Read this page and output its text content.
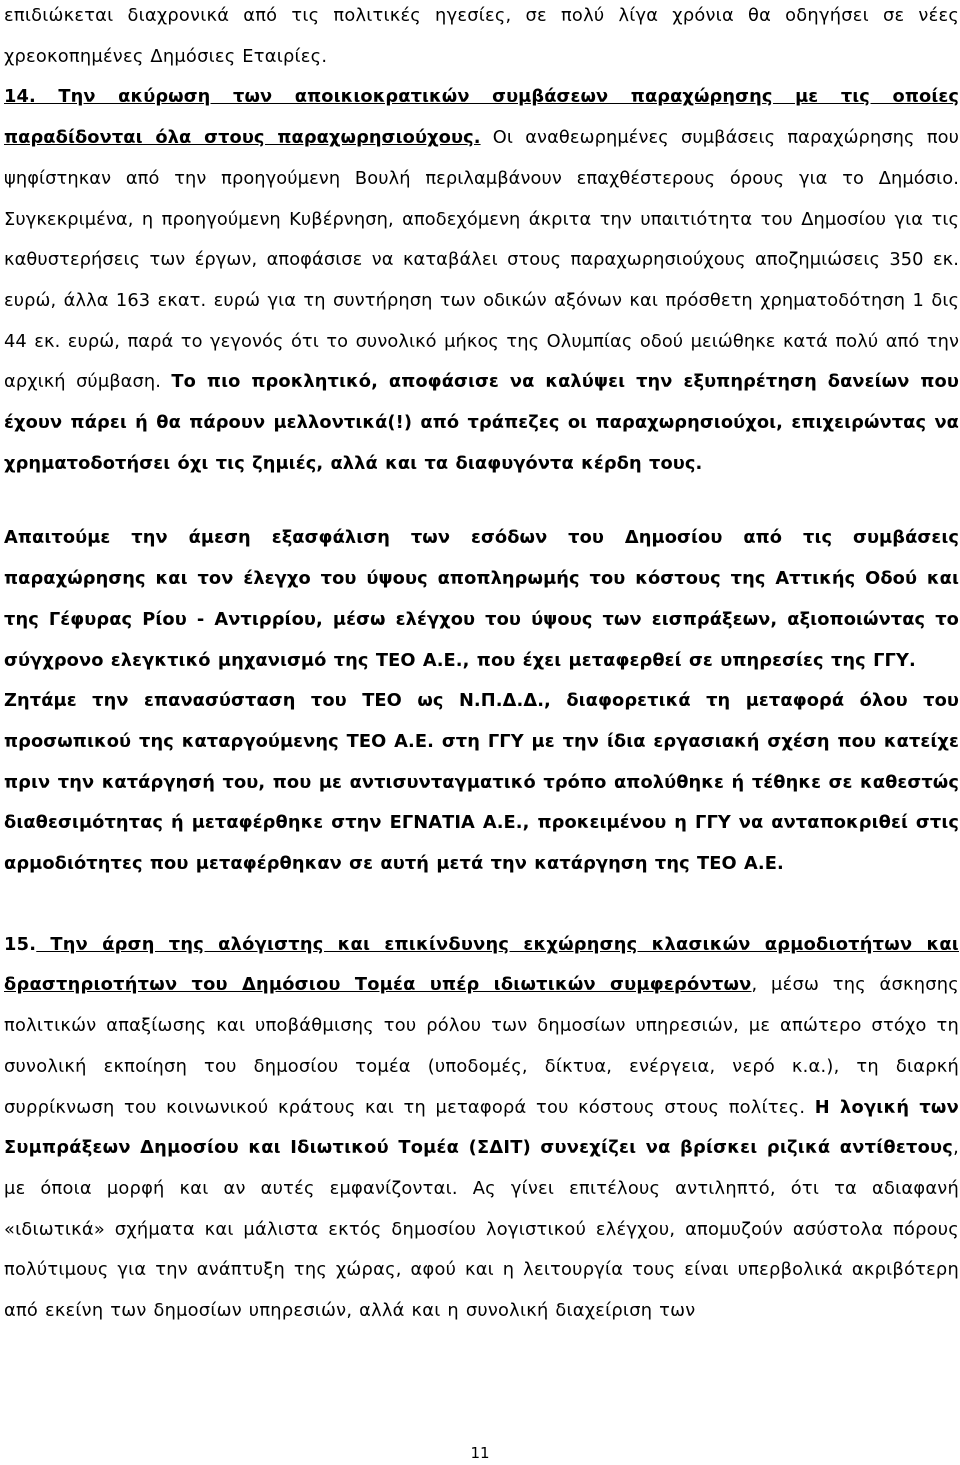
επιδιώκεται διαχρονικά από τις πολιτικές ηγεσίες, σε πολύ λίγα χρόνια θα οδηγήσει σε νέες χρεοκοπημένες Δημόσιες Εταιρίες.

14. Την ακύρωση των αποικιοκρατικών συμβάσεων παραχώρησης με τις οποίες παραδίδονται όλα στους παραχωρησιούχους. Οι αναθεωρημένες συμβάσεις παραχώρησης που ψηφίστηκαν από την προηγούμενη Βουλή περιλαμβάνουν επαχθέστερους όρους για το Δημόσιο. Συγκεκριμένα, η προηγούμενη Κυβέρνηση, αποδεχόμενη άκριτα την υπαιτιότητα του Δημοσίου για τις καθυστερήσεις των έργων, αποφάσισε να καταβάλει στους παραχωρησιούχους αποζημιώσεις 350 εκ. ευρώ, άλλα 163 εκατ. ευρώ για τη συντήρηση των οδικών αξόνων και πρόσθετη χρηματοδότηση 1 δις 44 εκ. ευρώ, παρά το γεγονός ότι το συνολικό μήκος της Ολυμπίας οδού μειώθηκε κατά πολύ από την αρχική σύμβαση. Το πιο προκλητικό, αποφάσισε να καλύψει την εξυπηρέτηση δανείων που έχουν πάρει ή θα πάρουν μελλοντικά(!) από τράπεζες οι παραχωρησιούχοι, επιχειρώντας να χρηματοδοτήσει όχι τις ζημιές, αλλά και τα διαφυγόντα κέρδη τους.

Απαιτούμε την άμεση εξασφάλιση των εσόδων του Δημοσίου από τις συμβάσεις παραχώρησης και τον έλεγχο του ύψους αποπληρωμής του κόστους της Αττικής Οδού και της Γέφυρας Ρίου - Αντιρρίου, μέσω ελέγχου του ύψους των εισπράξεων, αξιοποιώντας το σύγχρονο ελεγκτικό μηχανισμό της ΤΕΟ Α.Ε., που έχει μεταφερθεί σε υπηρεσίες της ΓΓΥ.

Ζητάμε την επανασύσταση του ΤΕΟ ως Ν.Π.Δ.Δ., διαφορετικά τη μεταφορά όλου του προσωπικού της καταργούμενης ΤΕΟ Α.Ε. στη ΓΓΥ με την ίδια εργασιακή σχέση που κατείχε πριν την κατάργησή του, που με αντισυνταγματικό τρόπο απολύθηκε ή τέθηκε σε καθεστώς διαθεσιμότητας ή μεταφέρθηκε στην ΕΓΝΑΤΙΑ Α.Ε., προκειμένου η ΓΓΥ να ανταποκριθεί στις αρμοδιότητες που μεταφέρθηκαν σε αυτή μετά την κατάργηση της ΤΕΟ Α.Ε.

15. Την άρση της αλόγιστης και επικίνδυνης εκχώρησης κλασικών αρμοδιοτήτων και δραστηριοτήτων του Δημόσιου Τομέα υπέρ ιδιωτικών συμφερόντων, μέσω της άσκησης πολιτικών απαξίωσης και υποβάθμισης του ρόλου των δημοσίων υπηρεσιών, με απώτερο στόχο τη συνολική εκποίηση του δημοσίου τομέα (υποδομές, δίκτυα, ενέργεια, νερό κ.α.), τη διαρκή συρρίκνωση του κοινωνικού κράτους και τη μεταφορά του κόστους στους πολίτες. Η λογική των Συμπράξεων Δημοσίου και Ιδιωτικού Τομέα (ΣΔΙΤ) συνεχίζει να βρίσκει ριζικά αντίθετους, με όποια μορφή και αν αυτές εμφανίζονται. Ας γίνει επιτέλους αντιληπτό, ότι τα αδιαφανή «ιδιωτικά» σχήματα και μάλιστα εκτός δημοσίου λογιστικού ελέγχου, απομυζούν ασύστολα πόρους πολύτιμους για την ανάπτυξη της χώρας, αφού και η λειτουργία τους είναι υπερβολικά ακριβότερη από εκείνη των δημοσίων υπηρεσιών, αλλά και η συνολική διαχείριση των

11
